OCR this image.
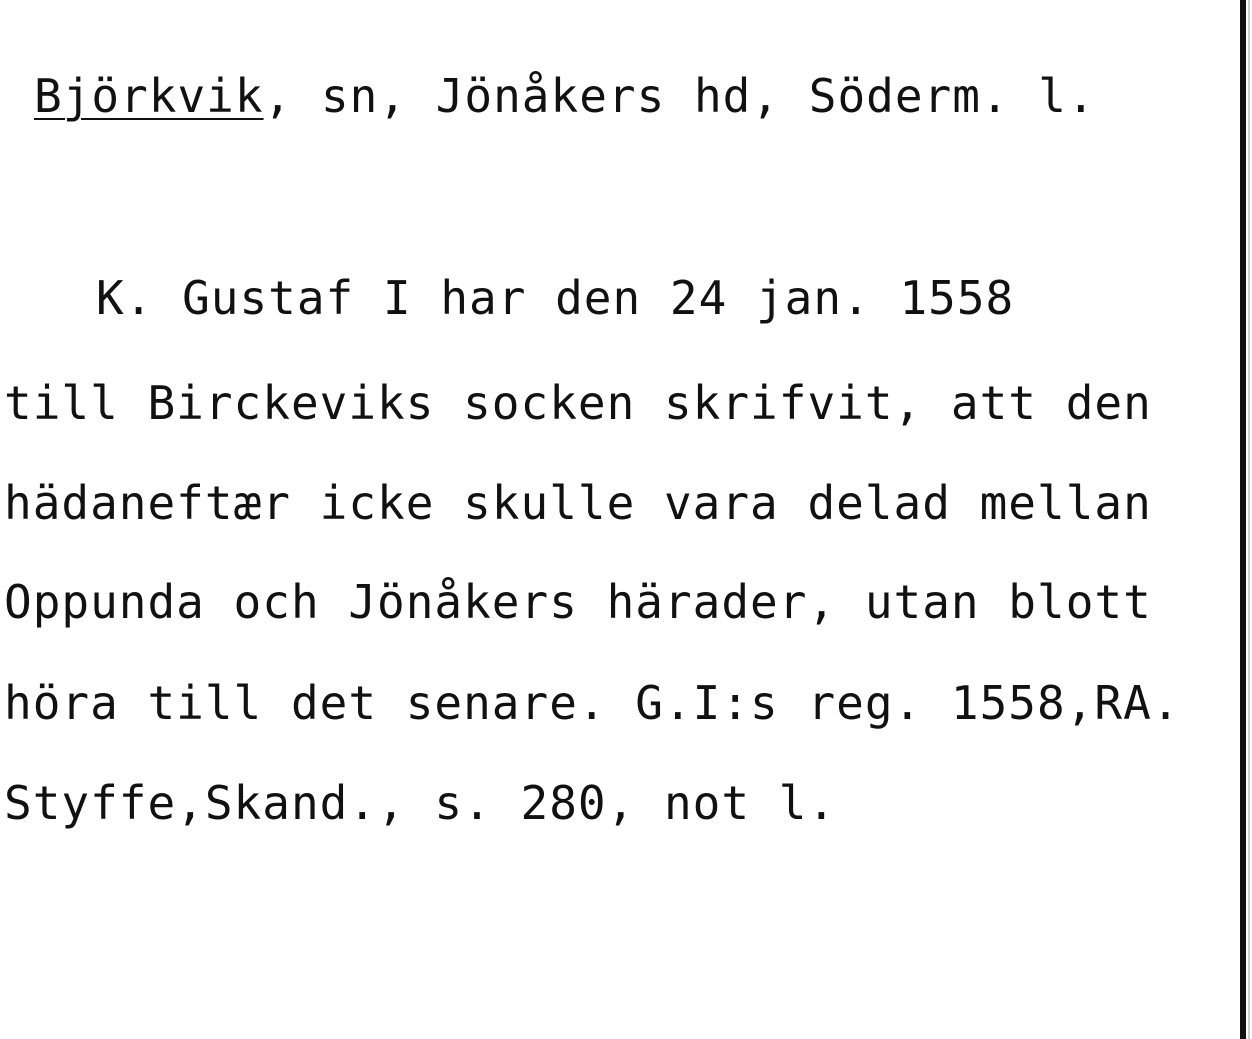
Björkvik, sn, Jönåkers hd, Söderm. l.
K. Gustaf I har den 24 jan. 1558
till Birckeviks socken skrifvit, att den
hädaneftær icke skulle vara delad mellan
Oppunda och Jönåkers härader, utan blott
höra till det senare. G.I:s reg. 1558,RA.
Styffe,Skand., s. 280, not l.
